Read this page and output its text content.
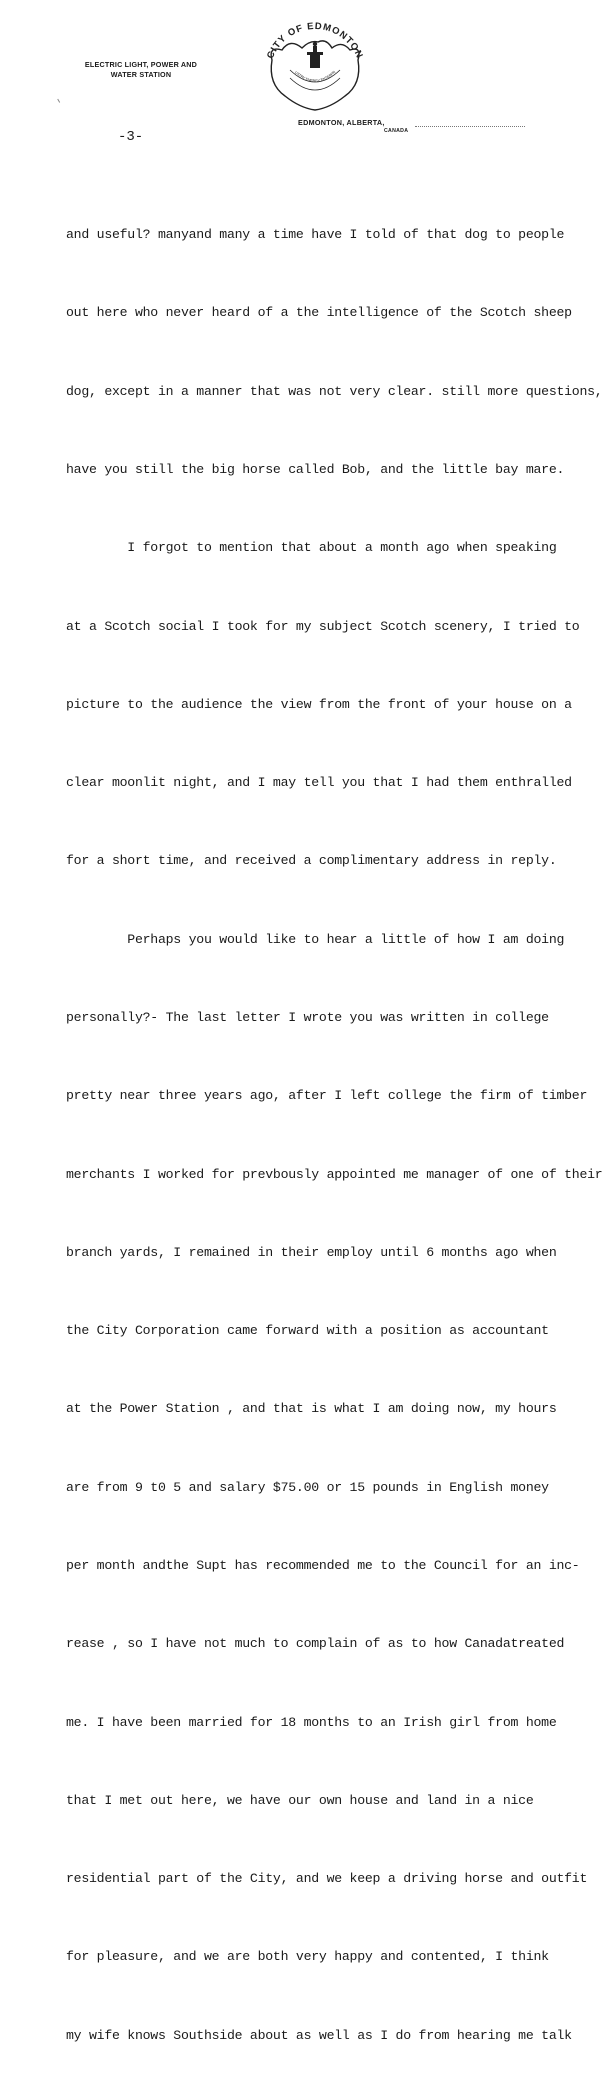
ELECTRIC LIGHT, POWER AND
WATER STATION
CITY OF EDMONTON
USTRY ENERGY ENTERPR
EDMONTON, ALBERTA,
CANADA
-3-

and useful? manyand many a time have I told of that dog to people

out here who never heard of a the intelligence of the Scotch sheep

dog, except in a manner that was not very clear. still more questions,

have you still the big horse called Bob, and the little bay mare.

I forgot to mention that about a month ago when speaking

at a Scotch social I took for my subject Scotch scenery, I tried to

picture to the audience the view from the front of your house on a

clear moonlit night, and I may tell you that I had them enthralled

for a short time, and received a complimentary address in reply.

Perhaps you would like to hear a little of how I am doing

personally?- The last letter I wrote you was written in college

pretty near three years ago, after I left college the firm of timber

merchants I worked for prevbously appointed me manager of one of their

branch yards, I remained in their employ until 6 months ago when

the City Corporation came forward with a position as accountant

at the Power Station , and that is what I am doing now, my hours

are from 9 t0 5 and salary $75.00 or 15 pounds in English money

per month andthe Supt has recommended me to the Council for an inc-

rease , so I have not much to complain of as to how Canadatreated

me. I have been married for 18 months to an Irish girl from home

that I met out here, we have our own house and land in a nice

residential part of the City, and we keep a driving horse and outfit

for pleasure, and we are both very happy and contented, I think

my wife knows Southside about as well as I do from hearing me talk
